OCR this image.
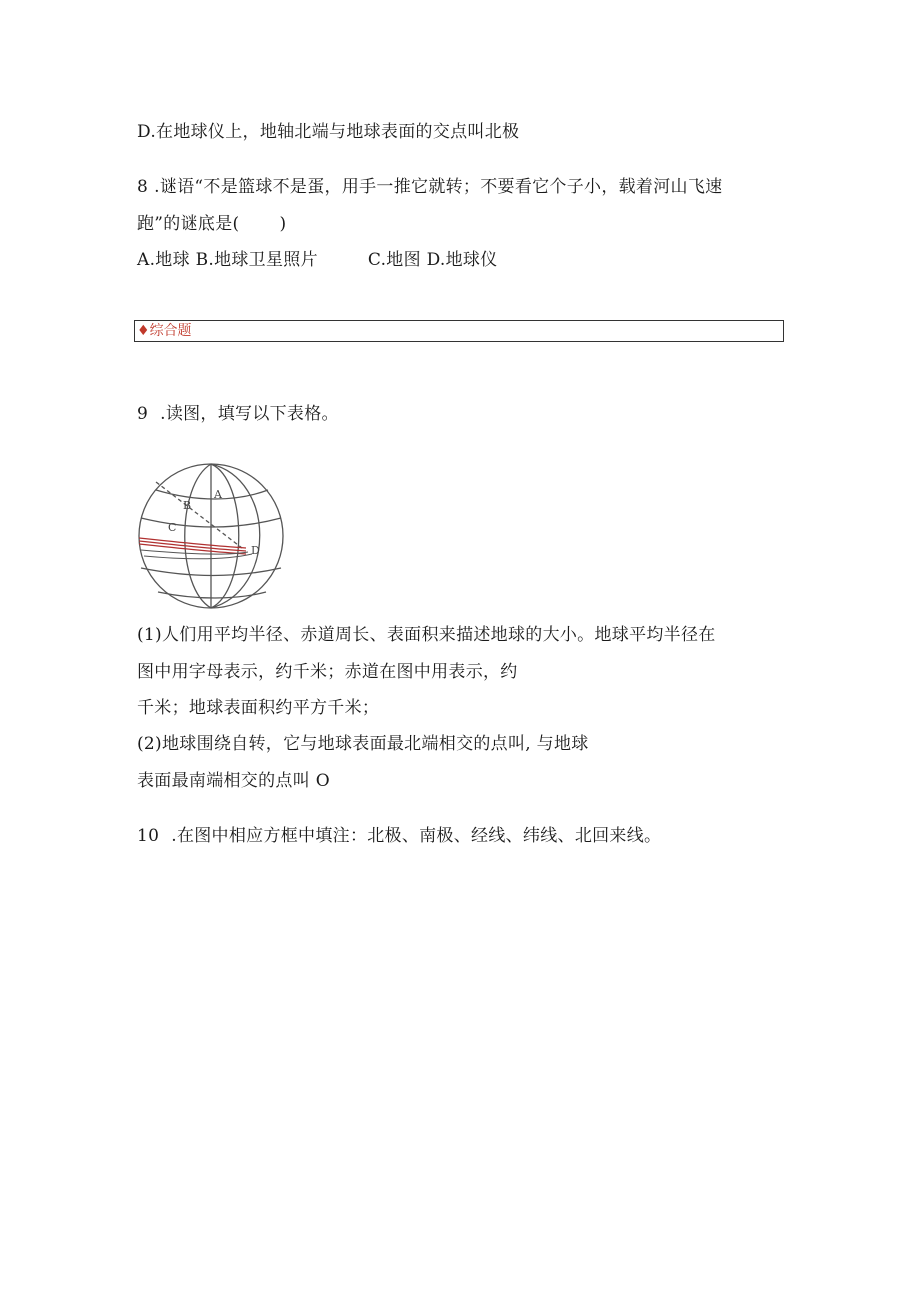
D.在地球仪上，地轴北端与地球表面的交点叫北极
8 .谜语“不是篮球不是蛋，用手一推它就转；不要看它个子小，载着河山飞速
跑”的谜底是( )
A.地球 B.地球卫星照片	C.地图 D.地球仪
♦综合题
9 .读图，填写以下表格。
A
B
C
D
(1)人们用平均半径、赤道周长、表面积来描述地球的大小。地球平均半径在
图中用字母表示，约千米；赤道在图中用表示，约
千米；地球表面积约平方千米；
(2)地球围绕自转，它与地球表面最北端相交的点叫, 与地球
表面最南端相交的点叫 O
10 .在图中相应方框中填注：北极、南极、经线、纬线、北回来线。
